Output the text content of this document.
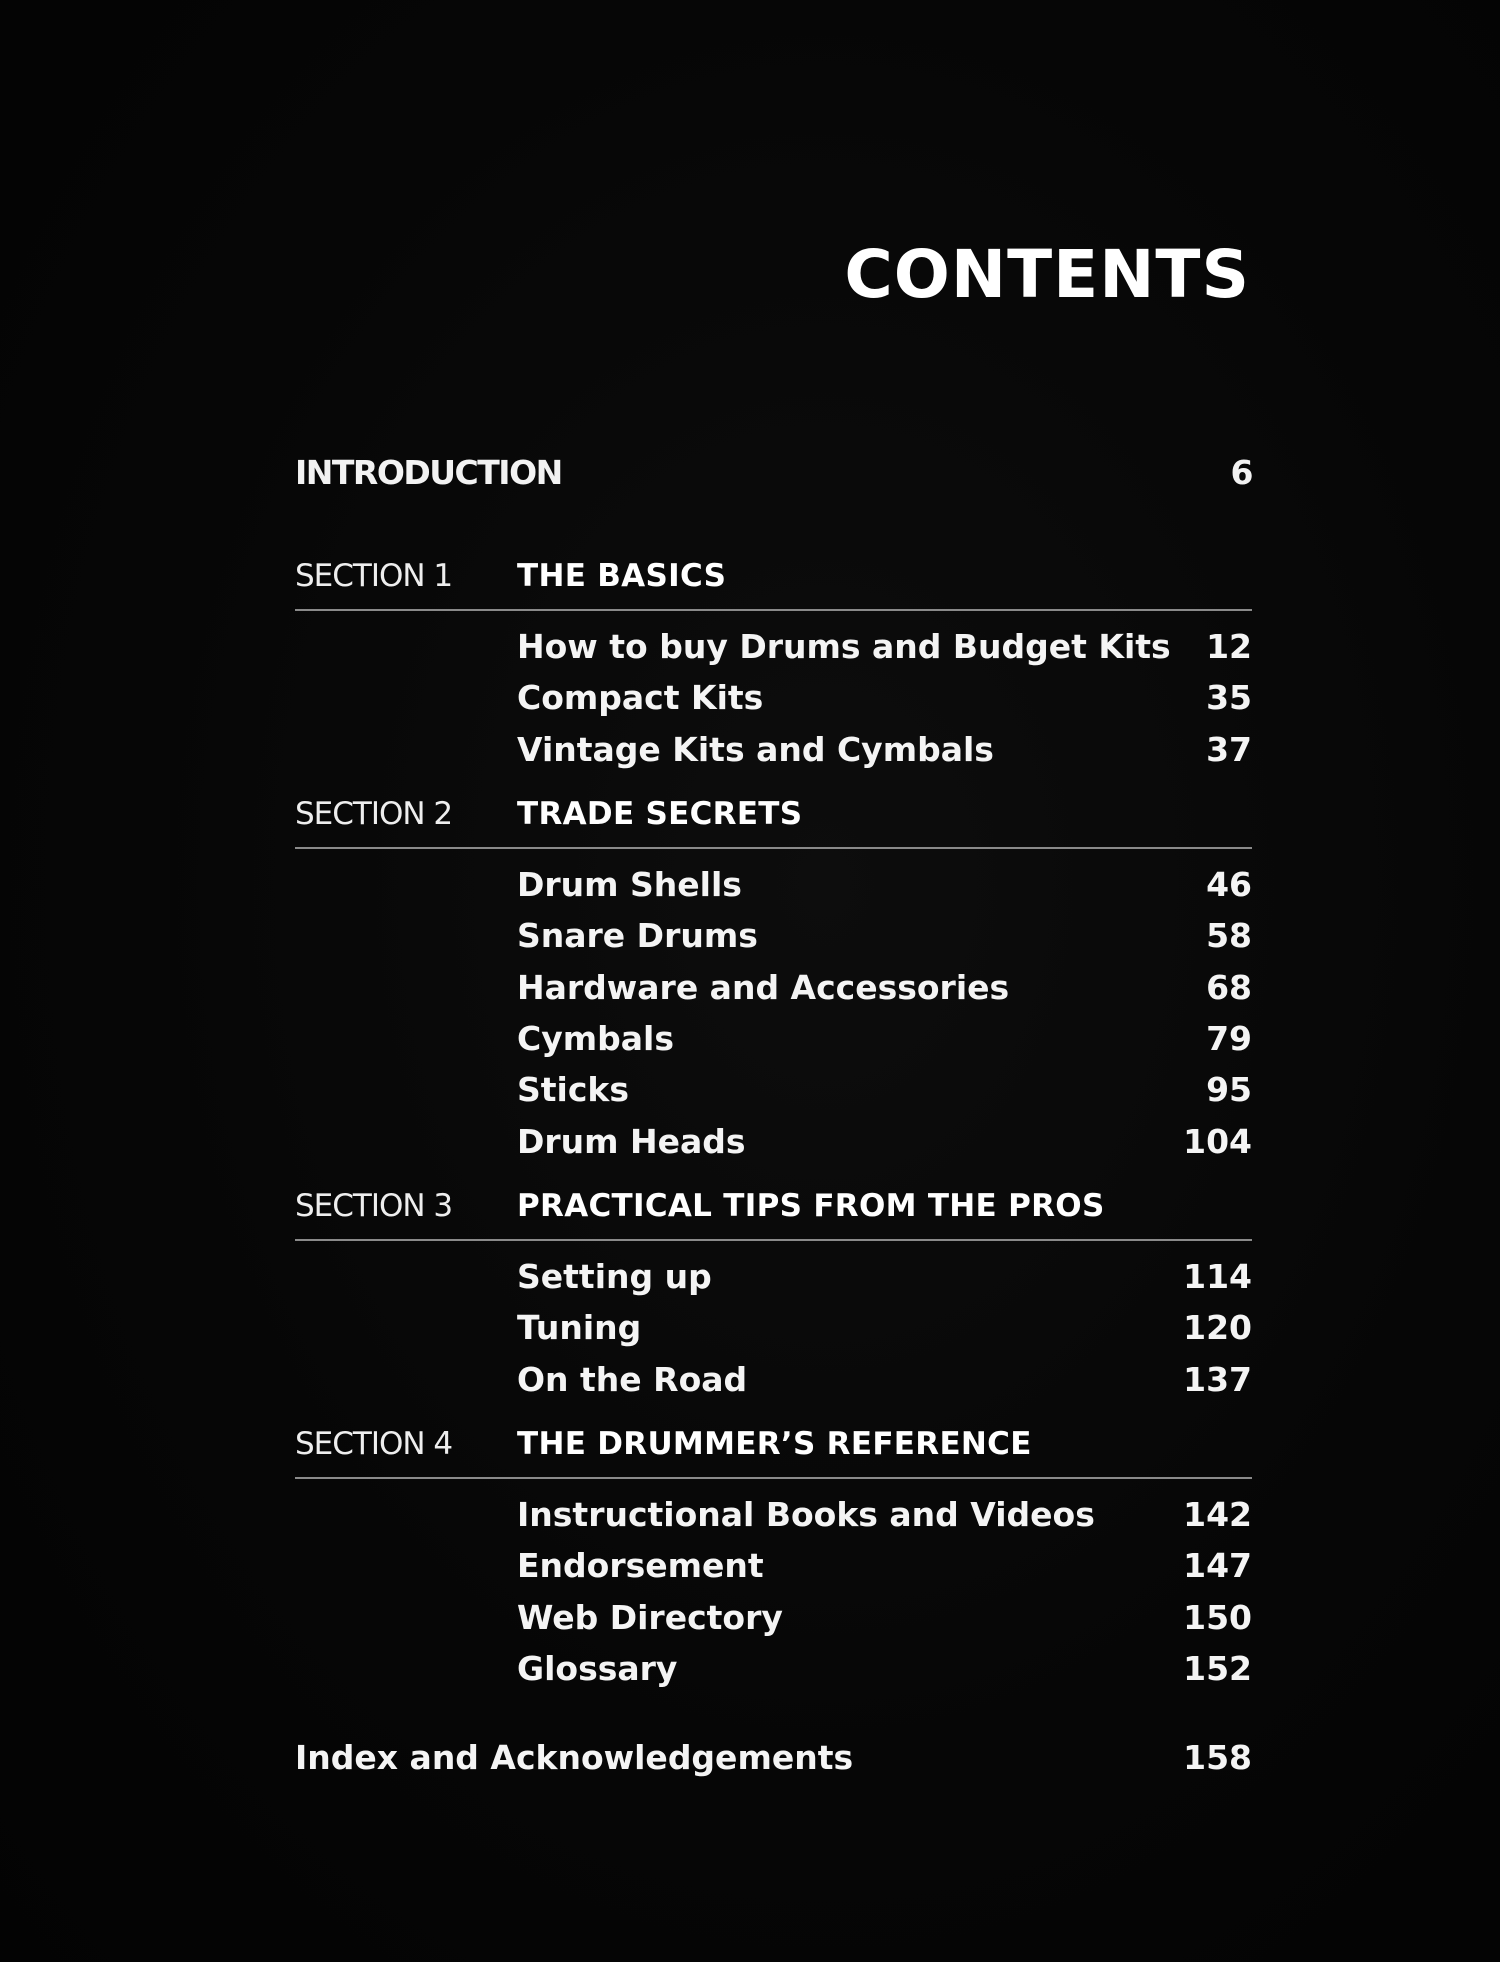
CONTENTS
INTRODUCTION	6
SECTION 1	THE BASICS
How to buy Drums and Budget Kits 12
Compact Kits	35
Vintage Kits and Cymbals	37
SECTION 2	TRADE SECRETS
Drum Shells	46
Snare Drums	58
Hardware and Accessories	68
Cymbals	79
Sticks	95
Drum Heads	104
SECTION 3	PRACTICAL TIPS FROM THE PROS
Setting up	114
Tuning	120
On the Road	137
SECTION 4	THE DRUMMER’S REFERENCE
Instructional Books and Videos	142
Endorsement	147
Web Directory	150
Glossary	152
Index and Acknowledgements	158
